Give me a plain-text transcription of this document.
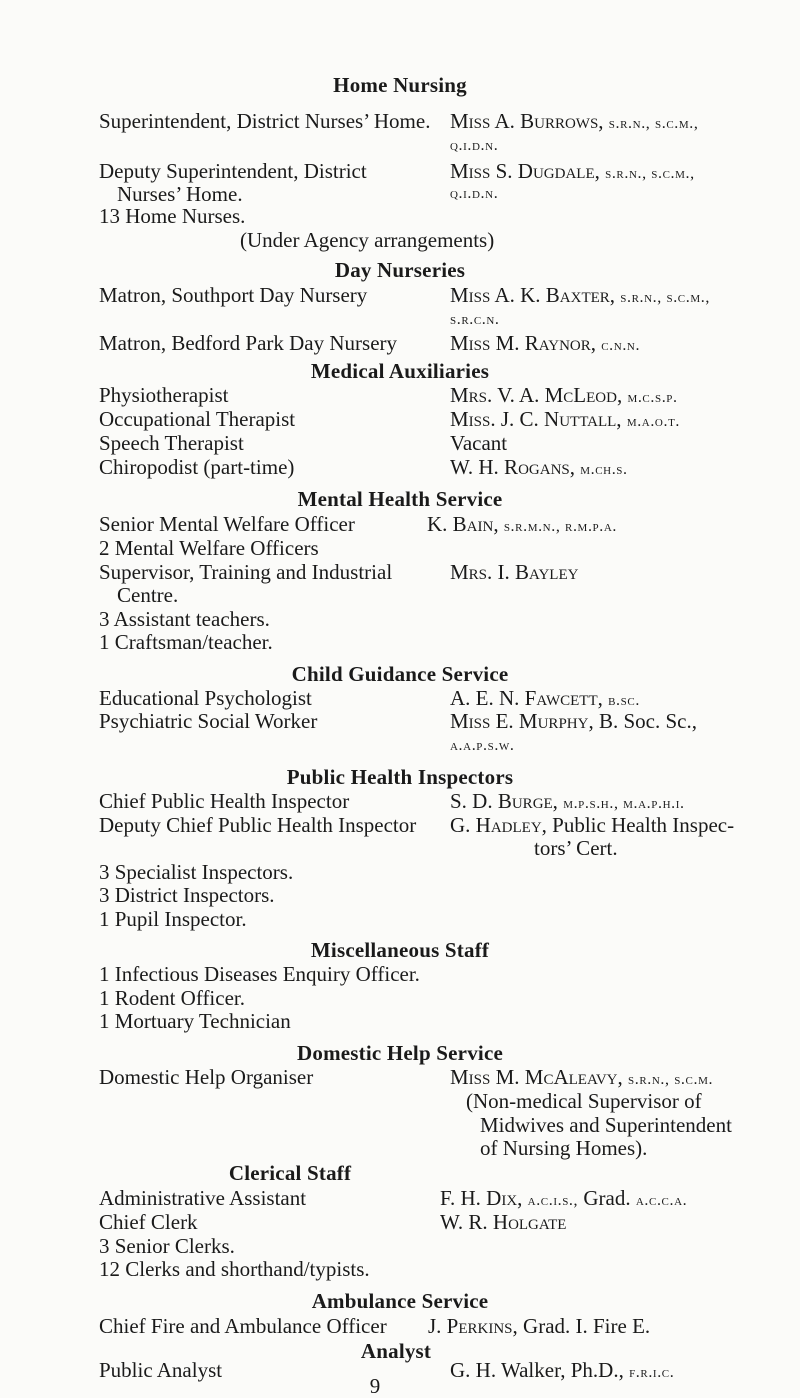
Home Nursing
Superintendent, District Nurses’ Home. Miss A. Burrows, s.r.n., s.c.m.,
q.i.d.n.
Deputy Superintendent, District	Miss S. Dugdale, s.r.n., s.c.m.,
Nurses’ Home.	q.i.d.n.
13 Home Nurses.
(Under Agency arrangements)
Day Nurseries
Matron, Southport Day Nursery	Miss A. K. Baxter, s.r.n., s.c.m.,
s.r.c.n.
Matron, Bedford Park Day Nursery	Miss M. Raynor, c.n.n.
Medical Auxiliaries
Physiotherapist	Mrs. V. A. McLeod, m.c.s.p.
Occupational Therapist	Miss. J. C. Nuttall, m.a.o.t.
Speech Therapist	Vacant
Chiropodist (part-time)	W. H. Rogans, m.ch.s.
Mental Health Service
Senior Mental Welfare Officer	K. Bain, s.r.m.n., r.m.p.a.
2 Mental Welfare Officers
Supervisor, Training and Industrial	Mrs. I. Bayley
Centre.
3 Assistant teachers.
1 Craftsman/teacher.
Child Guidance Service
Educational Psychologist	A. E. N. Fawcett, b.sc.
Psychiatric Social Worker	Miss E. Murphy, B. Soc. Sc.,
a.a.p.s.w.
Public Health Inspectors
Chief Public Health Inspector	S. D. Burge, m.p.s.h., m.a.p.h.i.
Deputy Chief Public Health Inspector G. Hadley, Public Health Inspec-
tors’ Cert.
3 Specialist Inspectors.
3 District Inspectors.
1 Pupil Inspector.
Miscellaneous Staff
1 Infectious Diseases Enquiry Officer.
1 Rodent Officer.
1 Mortuary Technician
Domestic Help Service
Domestic Help Organiser	Miss M. McAleavy, s.r.n., s.c.m.
(Non-medical Supervisor of
Midwives and Superintendent
of Nursing Homes).
Clerical Staff
Administrative Assistant	F. H. Dix, a.c.i.s., Grad. a.c.c.a.
Chief Clerk	W. R. Holgate
3 Senior Clerks.
12 Clerks and shorthand/typists.
Ambulance Service
Chief Fire and Ambulance Officer J. Perkins, Grad. I. Fire E.
Analyst
Public Analyst	G. H. Walker, Ph.D., f.r.i.c.
9
